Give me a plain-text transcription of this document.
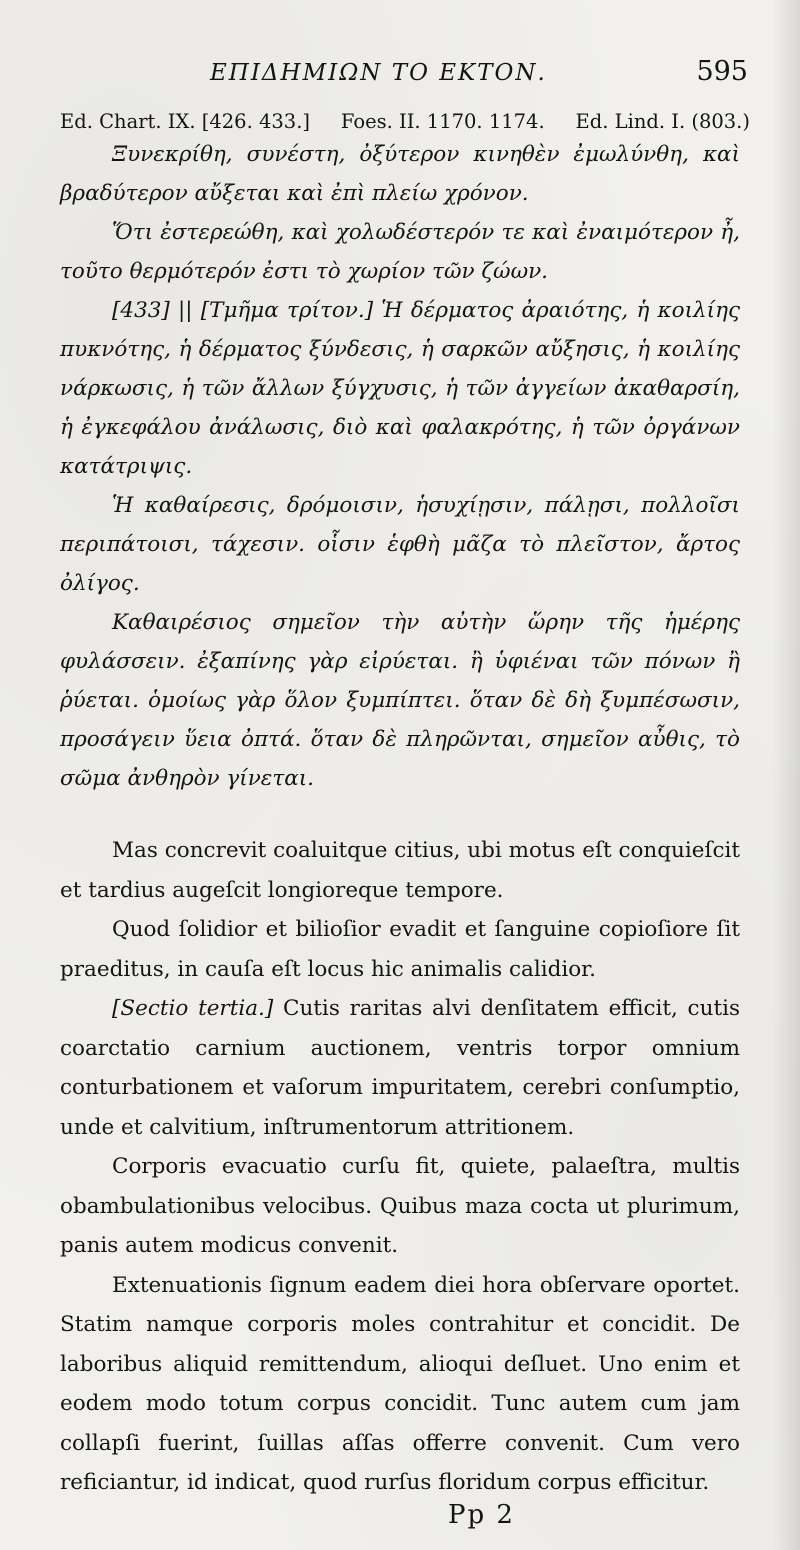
ΕΠΙΔΗΜΙΩΝ ΤΟ ΕΚΤΟΝ.	595
Ed. Chart. IX. [426. 433.] Foes. II. 1170. 1174. Ed. Lind. I. (803.)

Ξυνεκρίθη, συνέστη, ὀξύτερον κινηθὲν ἐμωλύνθη, καὶ βραδύτερον αὔξεται καὶ ἐπὶ πλείω χρόνον.

Ὅτι ἐστερεώθη, καὶ χολωδέστερόν τε καὶ ἐναιμότερον ἦ, τοῦτο θερμότερόν ἐστι τὸ χωρίον τῶν ζώων.

[433] || [Τμῆμα τρίτον.] Ἡ δέρματος ἀραιότης, ἡ κοιλίης πυκνότης, ἡ δέρματος ξύνδεσις, ἡ σαρκῶν αὔξησις, ἡ κοιλίης νάρκωσις, ἡ τῶν ἄλλων ξύγχυσις, ἡ τῶν ἀγγείων ἀκαθαρσίη, ἡ ἐγκεφάλου ἀνάλωσις, διὸ καὶ φαλακρότης, ἡ τῶν ὀργάνων κατάτριψις.

Ἡ καθαίρεσις, δρόμοισιν, ἡσυχίῃσιν, πάλῃσι, πολλοῖσι περιπάτοισι, τάχεσιν. οἷσιν ἑφθὴ μᾶζα τὸ πλεῖστον, ἄρτος ὀλίγος.

Καθαιρέσιος σημεῖον τὴν αὐτὴν ὥρην τῆς ἡμέρης φυλάσσειν. ἐξαπίνης γὰρ εἰρύεται. ἢ ὑφιέναι τῶν πόνων ἢ ῥύεται. ὁμοίως γὰρ ὅλον ξυμπίπτει. ὅταν δὲ δὴ ξυμπέσωσιν, προσάγειν ὕεια ὀπτά. ὅταν δὲ πληρῶνται, σημεῖον αὖθις, τὸ σῶμα ἀνθηρὸν γίνεται.

Mas concrevit coaluitque citius, ubi motus eſt conquieſcit et tardius augeſcit longioreque tempore.

Quod ſolidior et bilioſior evadit et ſanguine copioſiore ſit praeditus, in cauſa eſt locus hic animalis calidior.

[Sectio tertia.] Cutis raritas alvi denſitatem efficit, cutis coarctatio carnium auctionem, ventris torpor omnium conturbationem et vaſorum impuritatem, cerebri conſumptio, unde et calvitium, inſtrumentorum attritionem.

Corporis evacuatio curſu fit, quiete, palaeſtra, multis obambulationibus velocibus. Quibus maza cocta ut plurimum, panis autem modicus convenit.

Extenuationis ſignum eadem diei hora obſervare oportet. Statim namque corporis moles contrahitur et concidit. De laboribus aliquid remittendum, alioqui deſluet. Uno enim et eodem modo totum corpus concidit. Tunc autem cum jam collapſi fuerint, ſuillas aſſas offerre convenit. Cum vero reficiantur, id indicat, quod rurſus floridum corpus efficitur.

Pp 2
